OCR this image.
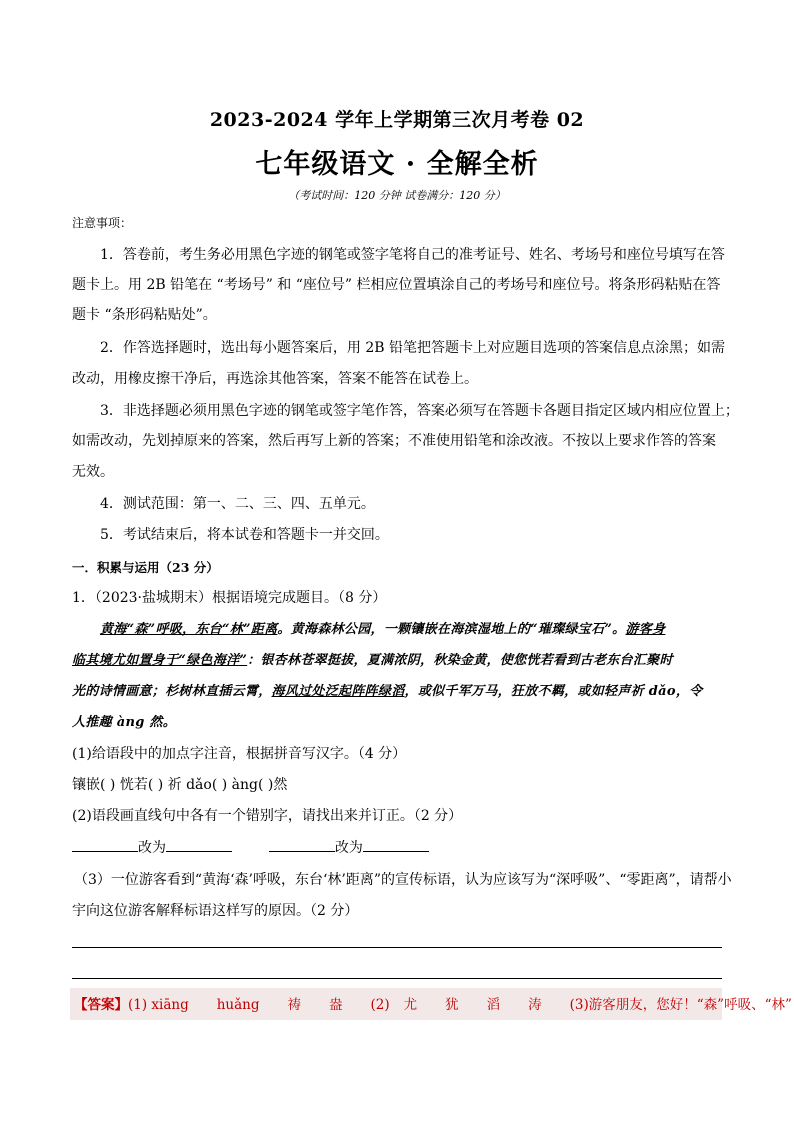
2023-2024 学年上学期第三次月考卷 02
七年级语文 · 全解全析
（考试时间：120 分钟 试卷满分：120 分）
注意事项：
1．答卷前，考生务必用黑色字迹的钢笔或签字笔将自己的准考证号、姓名、考场号和座位号填写在答
题卡上。用 2B 铅笔在 “考场号” 和 “座位号” 栏相应位置填涂自己的考场号和座位号。将条形码粘贴在答
题卡 “条形码粘贴处”。
2．作答选择题时，选出每小题答案后，用 2B 铅笔把答题卡上对应题目选项的答案信息点涂黑；如需
改动，用橡皮擦干净后，再选涂其他答案，答案不能答在试卷上。
3．非选择题必须用黑色字迹的钢笔或签字笔作答，答案必须写在答题卡各题目指定区域内相应位置上；
如需改动，先划掉原来的答案，然后再写上新的答案；不准使用铅笔和涂改液。不按以上要求作答的答案
无效。
4．测试范围：第一、二、三、四、五单元。
5．考试结束后，将本试卷和答题卡一并交回。
一．积累与运用（23 分）
1．（2023·盐城期末）根据语境完成题目。（8 分）
黄海“森”呼吸，东台“林”距离。黄海森林公园，一颗镶嵌在海滨湿地上的“璀璨绿宝石”。游客身
临其境尤如置身于“绿色海洋”：银杏林苍翠挺拔，夏满浓阴，秋染金黄，使您恍若看到古老东台汇聚时
光的诗情画意；杉树林直插云霄，海风过处泛起阵阵绿滔，或似千军万马，狂放不羁，或如轻声祈 dǎo，令
人推趣 àng 然。
(1)给语段中的加点字注音，根据拼音写汉字。（4 分）
镶嵌( ) 恍若( ) 祈 dǎo( ) àng( )然
(2)语段画直线句中各有一个错别字，请找出来并订正。（2 分）
改为	改为
（3）一位游客看到“黄海‘森’呼吸，东台‘林’距离”的宣传标语，认为应该写为“深呼吸”、“零距离”，请帮小
宇向这位游客解释标语这样写的原因。（2 分）
【答案】(1) xiāng huǎng 祷 盎 (2) 尤 犹 滔 涛 (3)游客朋友，您好！“森”呼吸、“林”
